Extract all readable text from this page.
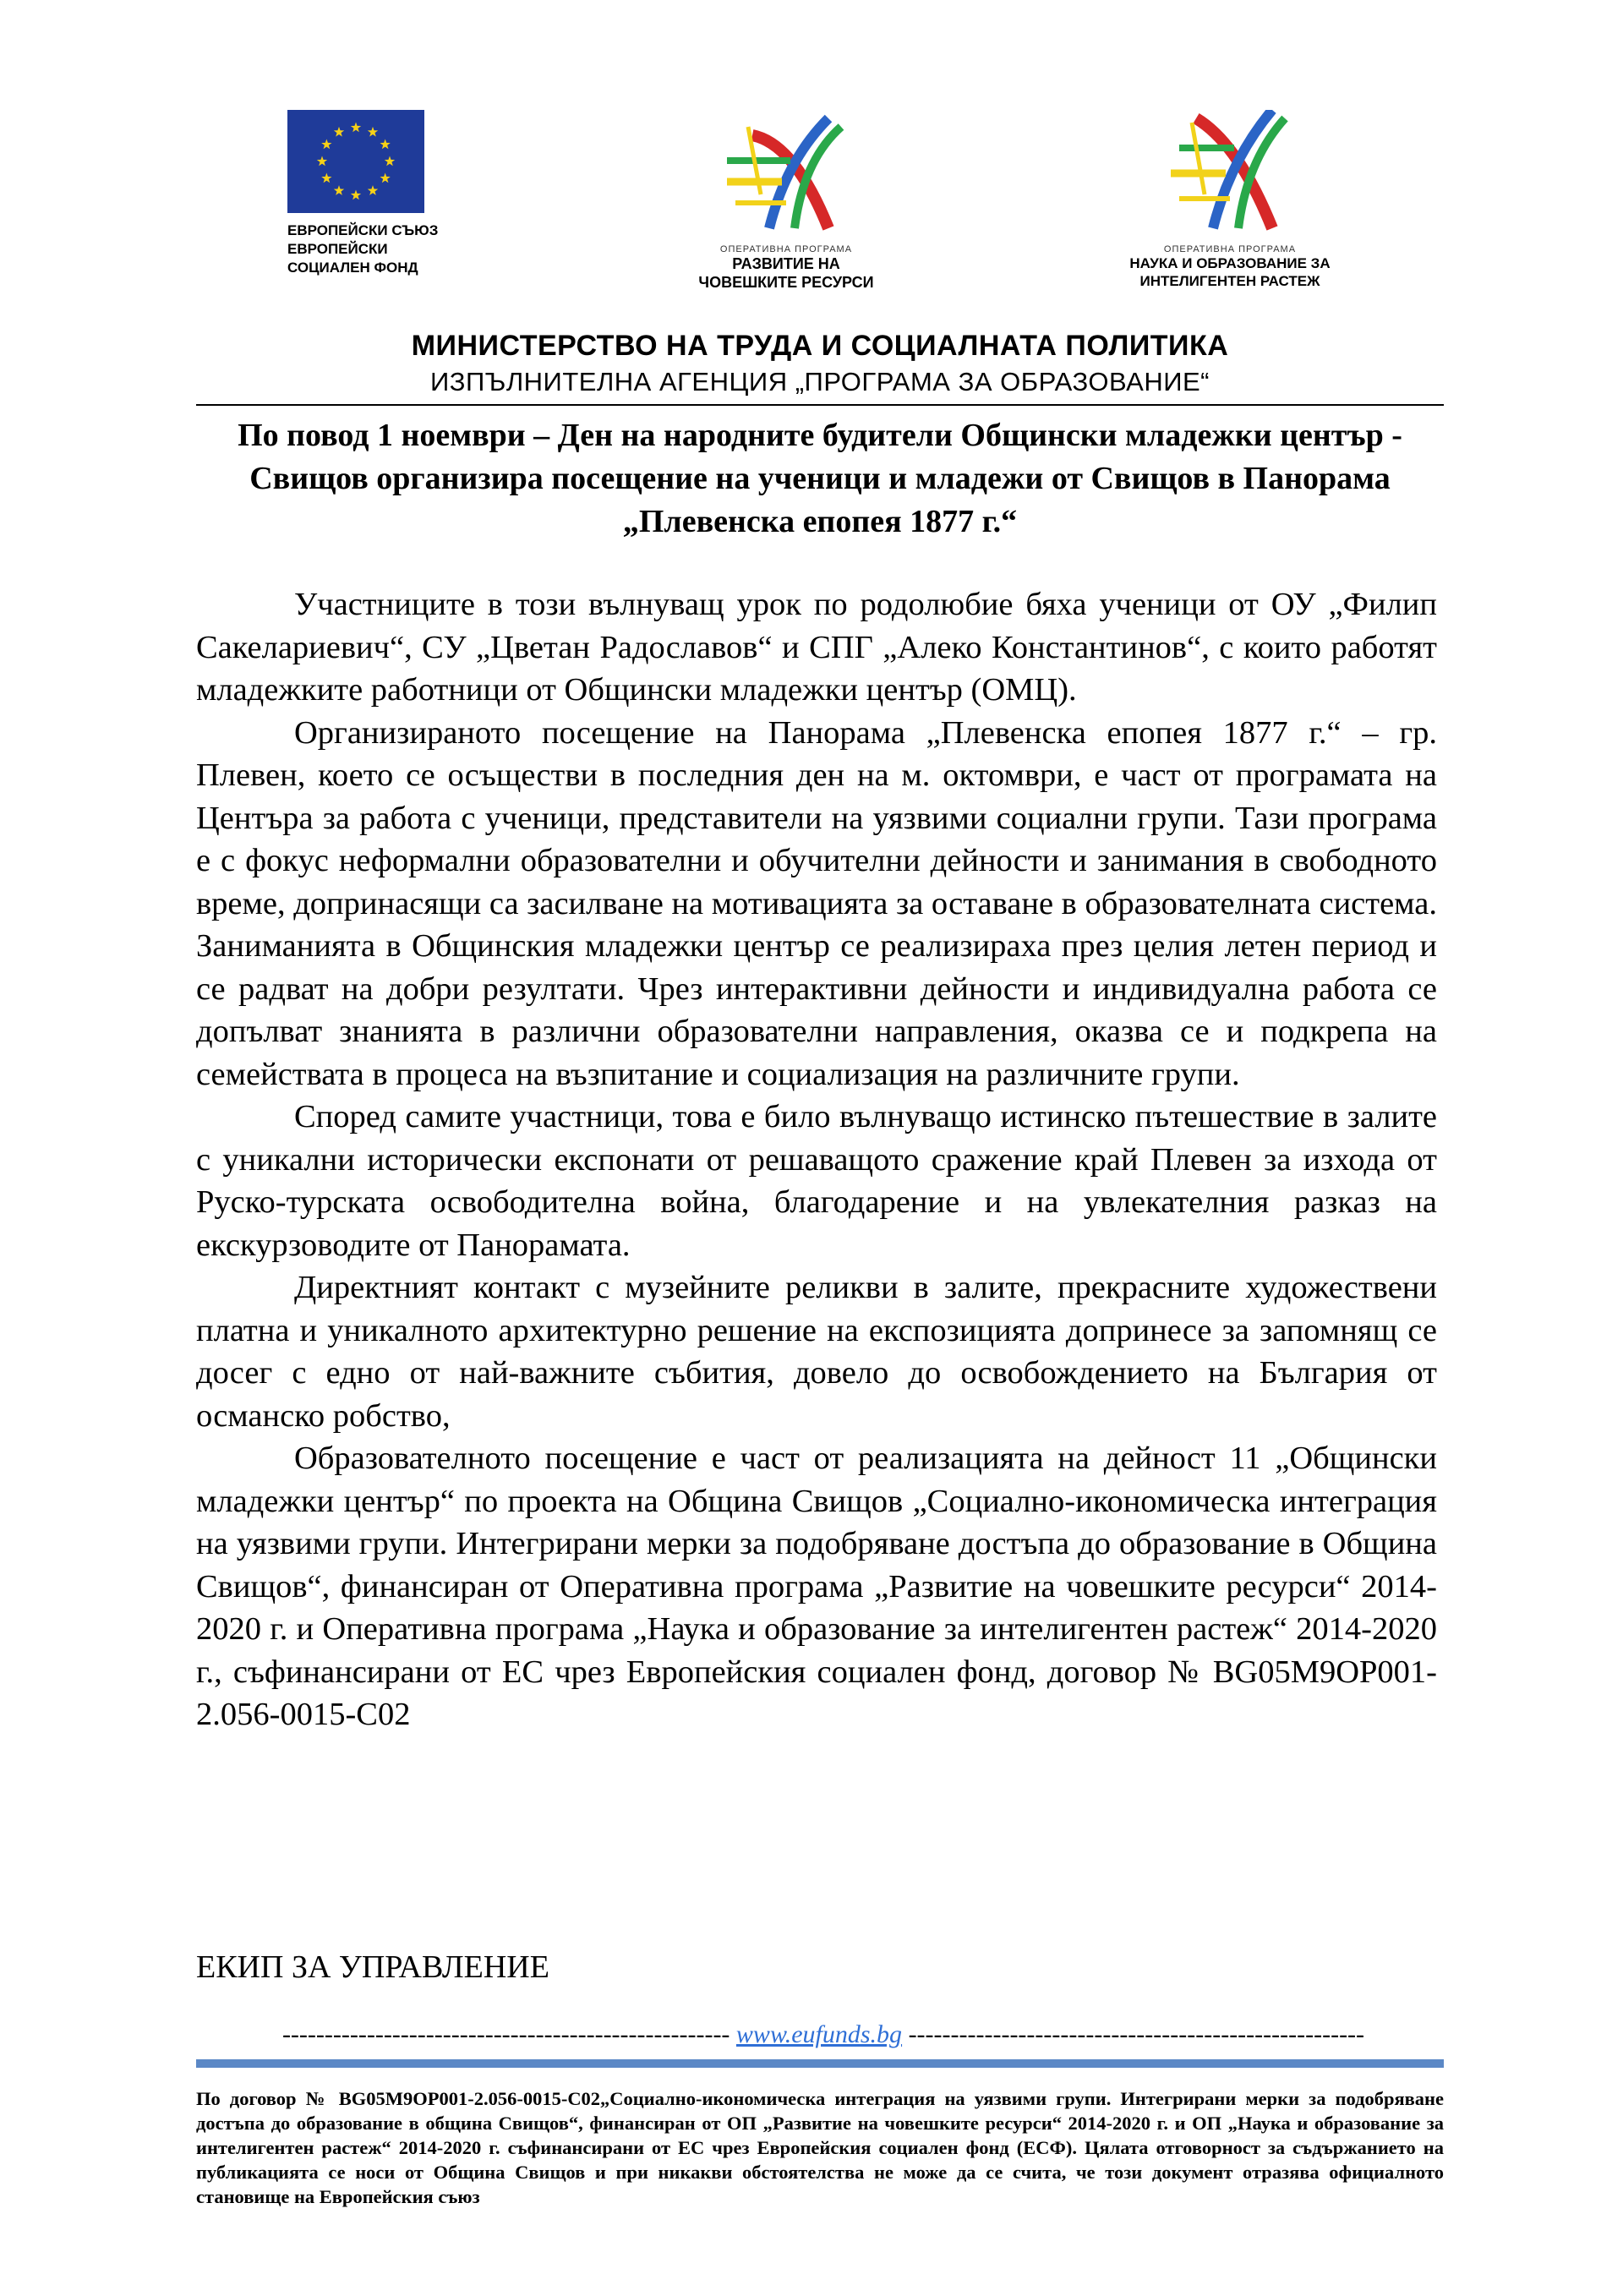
ЕВРОПЕЙСКИ СЪЮЗ
ЕВРОПЕЙСКИ
СОЦИАЛЕН ФОНД
ОПЕРАТИВНА ПРОГРАМА
РАЗВИТИЕ НА
ЧОВЕШКИТЕ РЕСУРСИ
ОПЕРАТИВНА ПРОГРАМА
НАУКА И ОБРАЗОВАНИЕ ЗА
ИНТЕЛИГЕНТЕН РАСТЕЖ
МИНИСТЕРСТВО НА ТРУДА И СОЦИАЛНАТА ПОЛИТИКА
ИЗПЪЛНИТЕЛНА АГЕНЦИЯ „ПРОГРАМА ЗА ОБРАЗОВАНИЕ“
По повод 1 ноември – Ден на народните будители Общински младежки център - Свищов организира посещение на ученици и младежи от Свищов в Панорама „Плевенска епопея 1877 г.“

Участниците в този вълнуващ урок по родолюбие бяха ученици от ОУ „Филип Сакелариевич“, СУ „Цветан Радославов“ и СПГ „Алеко Константинов“, с които работят младежките работници от Общински младежки център (ОМЦ).

Организираното посещение на Панорама „Плевенска епопея 1877 г.“ – гр. Плевен, което се осъществи в последния ден на м. октомври, е част от програмата на Центъра за работа с ученици, представители на уязвими социални групи. Тази програма е с фокус неформални образователни и обучителни дейности и занимания в свободното време, допринасящи са засилване на мотивацията за оставане в образователната система. Заниманията в Общинския младежки център се реализираха през целия летен период и се радват на добри резултати. Чрез интерактивни дейности и индивидуална работа се допълват знанията в различни образователни направления, оказва се и подкрепа на семействата в процеса на възпитание и социализация на различните групи.

Според самите участници, това е било вълнуващо истинско пътешествие в залите с уникални исторически експонати от решаващото сражение край Плевен за изхода от Руско-турската освободителна война, благодарение и на увлекателния разказ на екскурзоводите от Панорамата.

Директният контакт с музейните реликви в залите, прекрасните художествени платна и уникалното архитектурно решение на експозицията допринесе за запомнящ се досег с едно от най-важните събития, довело до освобождението на България от османско робство,

Образователното посещение е част от реализацията на дейност 11 „Общински младежки център“ по проекта на Община Свищов „Социално-икономическа интеграция на уязвими групи. Интегрирани мерки за подобряване достъпа до образование в Община Свищов“, финансиран от Оперативна програма „Развитие на човешките ресурси“ 2014-2020 г. и Оперативна програма „Наука и образование за интелигентен растеж“ 2014-2020 г., съфинансирани от ЕС чрез Европейския социален фонд, договор № BG05M9OP001-2.056-0015-C02

ЕКИП ЗА УПРАВЛЕНИЕ
----------------------------------------------------- www.eufunds.bg ------------------------------------------------------
По договор № BG05M9OP001-2.056-0015-C02„Социално-икономическа интеграция на уязвими групи. Интегрирани мерки за подобряване достъпа до образование в община Свищов“, финансиран от ОП „Развитие на човешките ресурси“ 2014-2020 г. и ОП „Наука и образование за интелигентен растеж“ 2014-2020 г. съфинансирани от ЕС чрез Европейския социален фонд (ЕСФ). Цялата отговорност за съдържанието на публикацията се носи от Община Свищов и при никакви обстоятелства не може да се счита, че този документ отразява официалното становище на Европейския съюз
